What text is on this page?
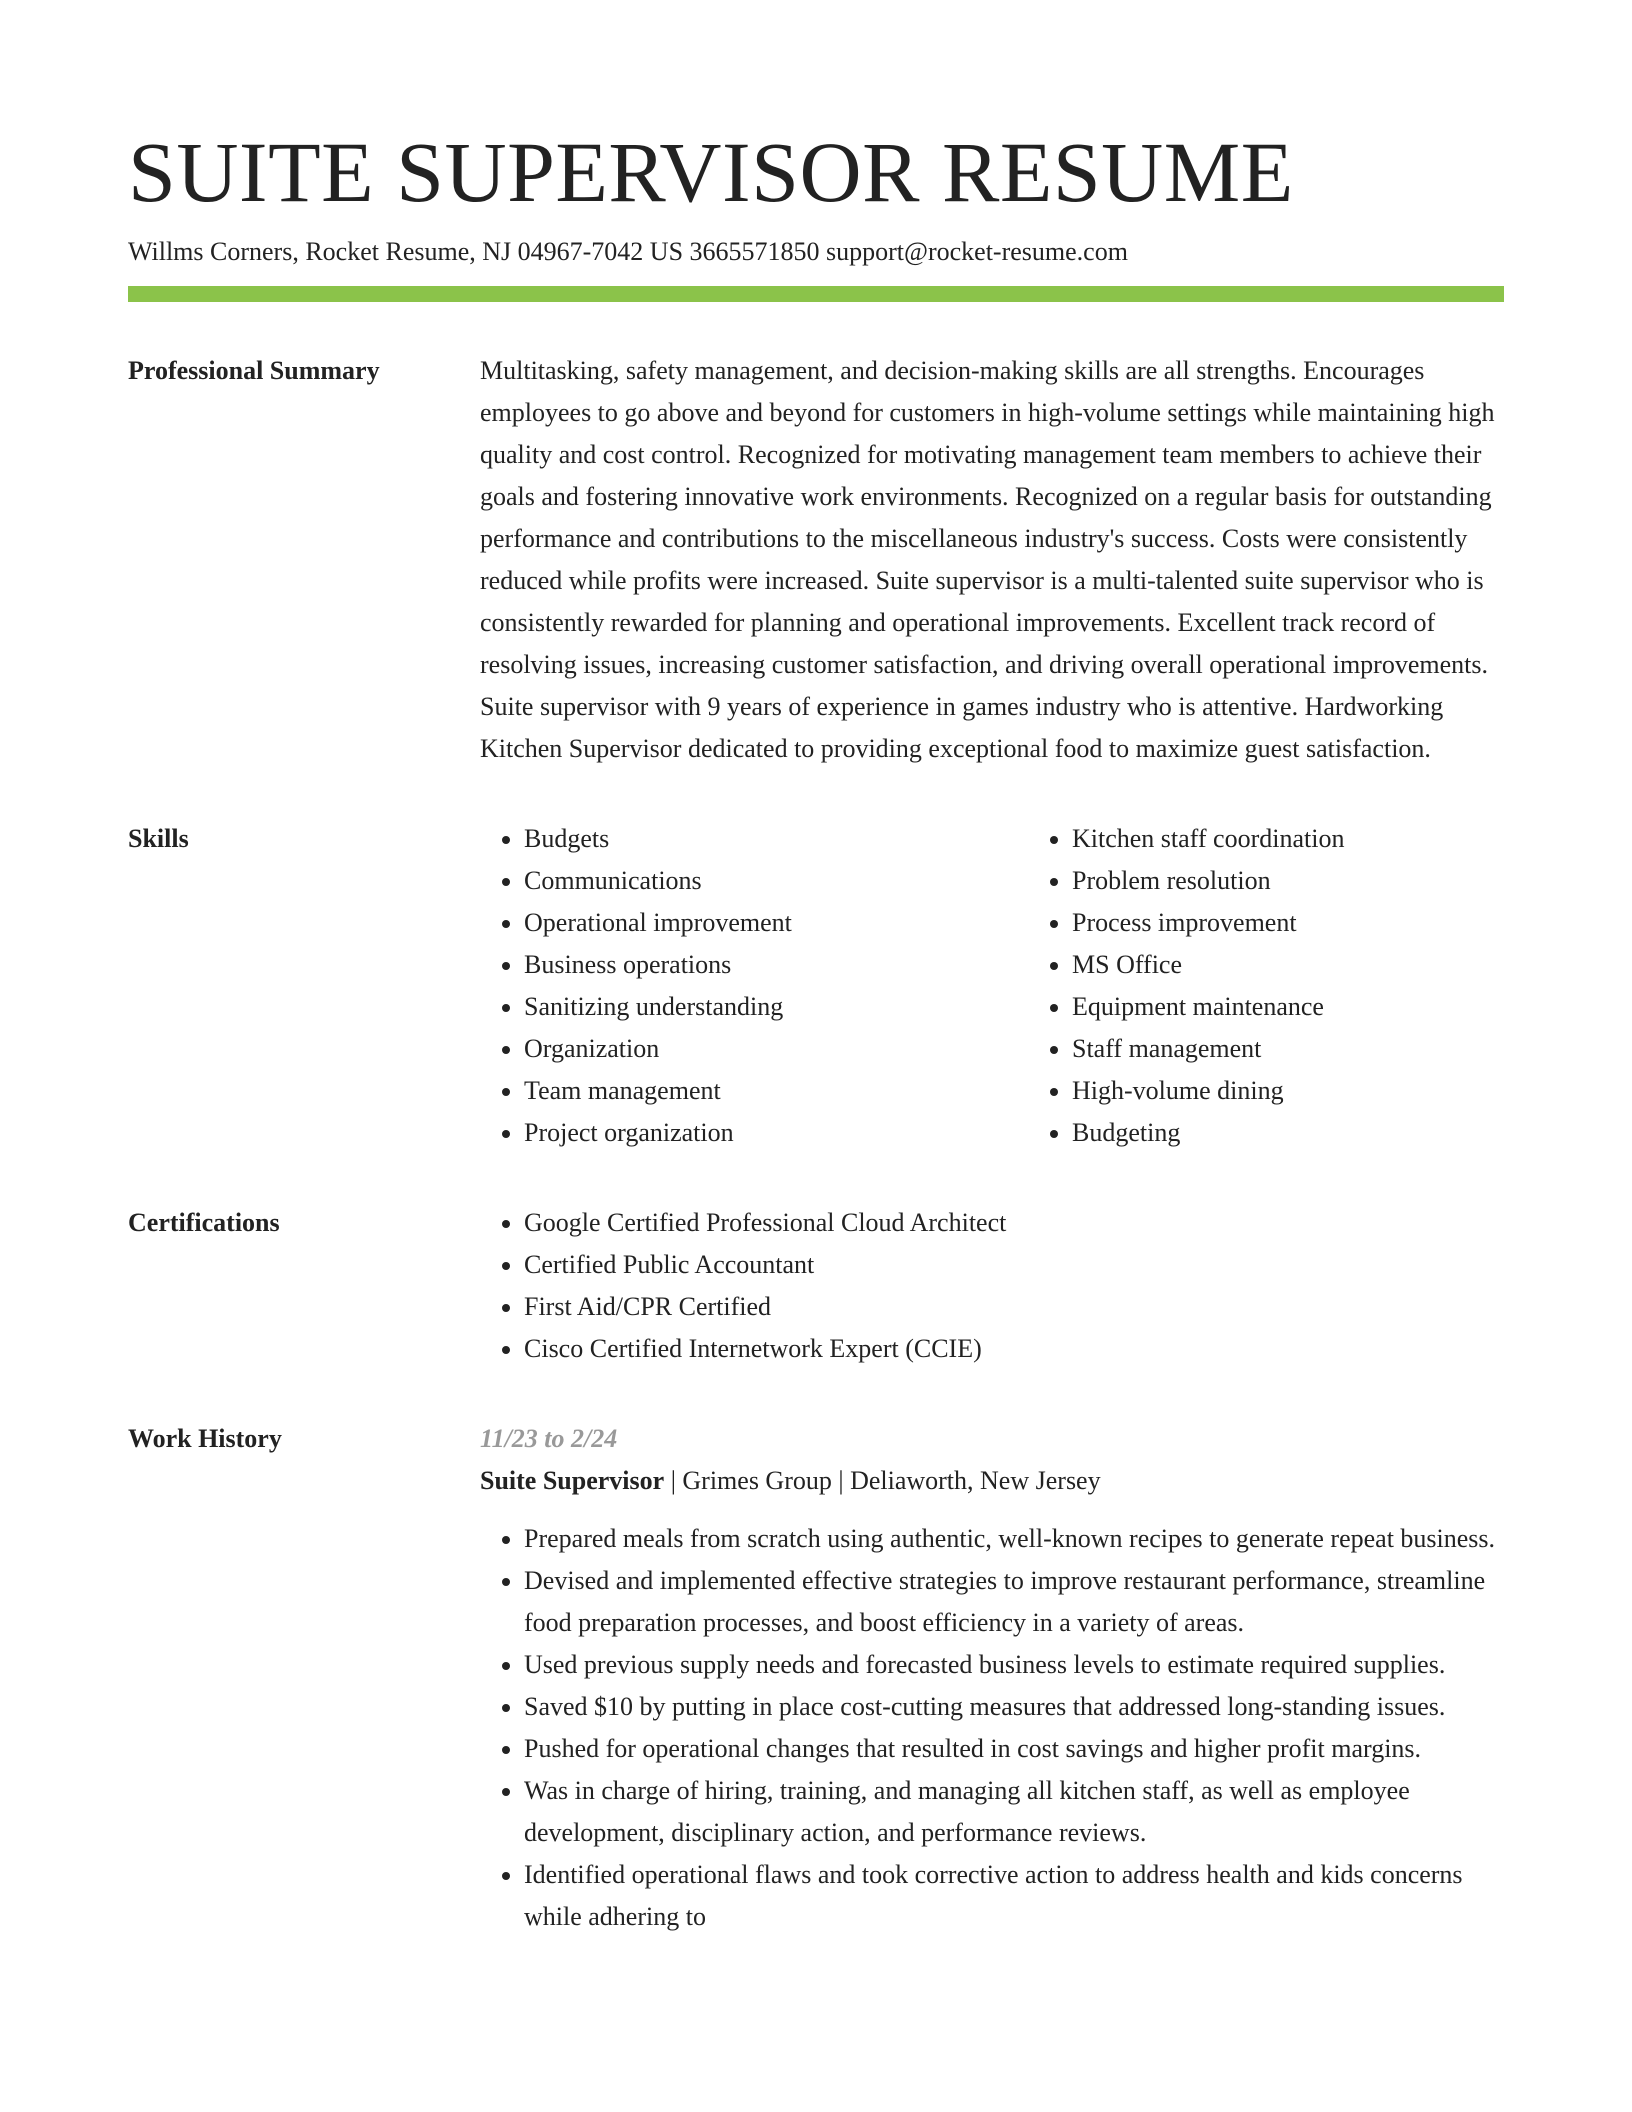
SUITE SUPERVISOR RESUME
Willms Corners, Rocket Resume, NJ 04967-7042 US 3665571850 support@rocket-resume.com
Professional Summary	Multitasking, safety management, and decision-making skills are all strengths. Encourages employees to go above and beyond for customers in high-volume settings while maintaining high quality and cost control. Recognized for motivating management team members to achieve their goals and fostering innovative work environments. Recognized on a regular basis for outstanding performance and contributions to the miscellaneous industry's success. Costs were consistently reduced while profits were increased. Suite supervisor is a multi-talented suite supervisor who is consistently rewarded for planning and operational improvements. Excellent track record of resolving issues, increasing customer satisfaction, and driving overall operational improvements. Suite supervisor with 9 years of experience in games industry who is attentive. Hardworking Kitchen Supervisor dedicated to providing exceptional food to maximize guest satisfaction.

Skills	• Budgets
• Communications
• Operational improvement
• Business operations
• Sanitizing understanding
• Organization
• Team management
• Project organization
• Kitchen staff coordination
• Problem resolution
• Process improvement
• MS Office
• Equipment maintenance
• Staff management
• High-volume dining
• Budgeting
Certifications	• Google Certified Professional Cloud Architect
• Certified Public Accountant
• First Aid/CPR Certified
• Cisco Certified Internetwork Expert (CCIE)
Work History	11/23 to 2/24
Suite Supervisor | Grimes Group | Deliaworth, New Jersey
• Prepared meals from scratch using authentic, well-known recipes to generate repeat business.
• Devised and implemented effective strategies to improve restaurant performance, streamline food preparation processes, and boost efficiency in a variety of areas.
• Used previous supply needs and forecasted business levels to estimate required supplies.
• Saved $10 by putting in place cost-cutting measures that addressed long-standing issues.
• Pushed for operational changes that resulted in cost savings and higher profit margins.
• Was in charge of hiring, training, and managing all kitchen staff, as well as employee development, disciplinary action, and performance reviews.
• Identified operational flaws and took corrective action to address health and kids concerns while adhering to
